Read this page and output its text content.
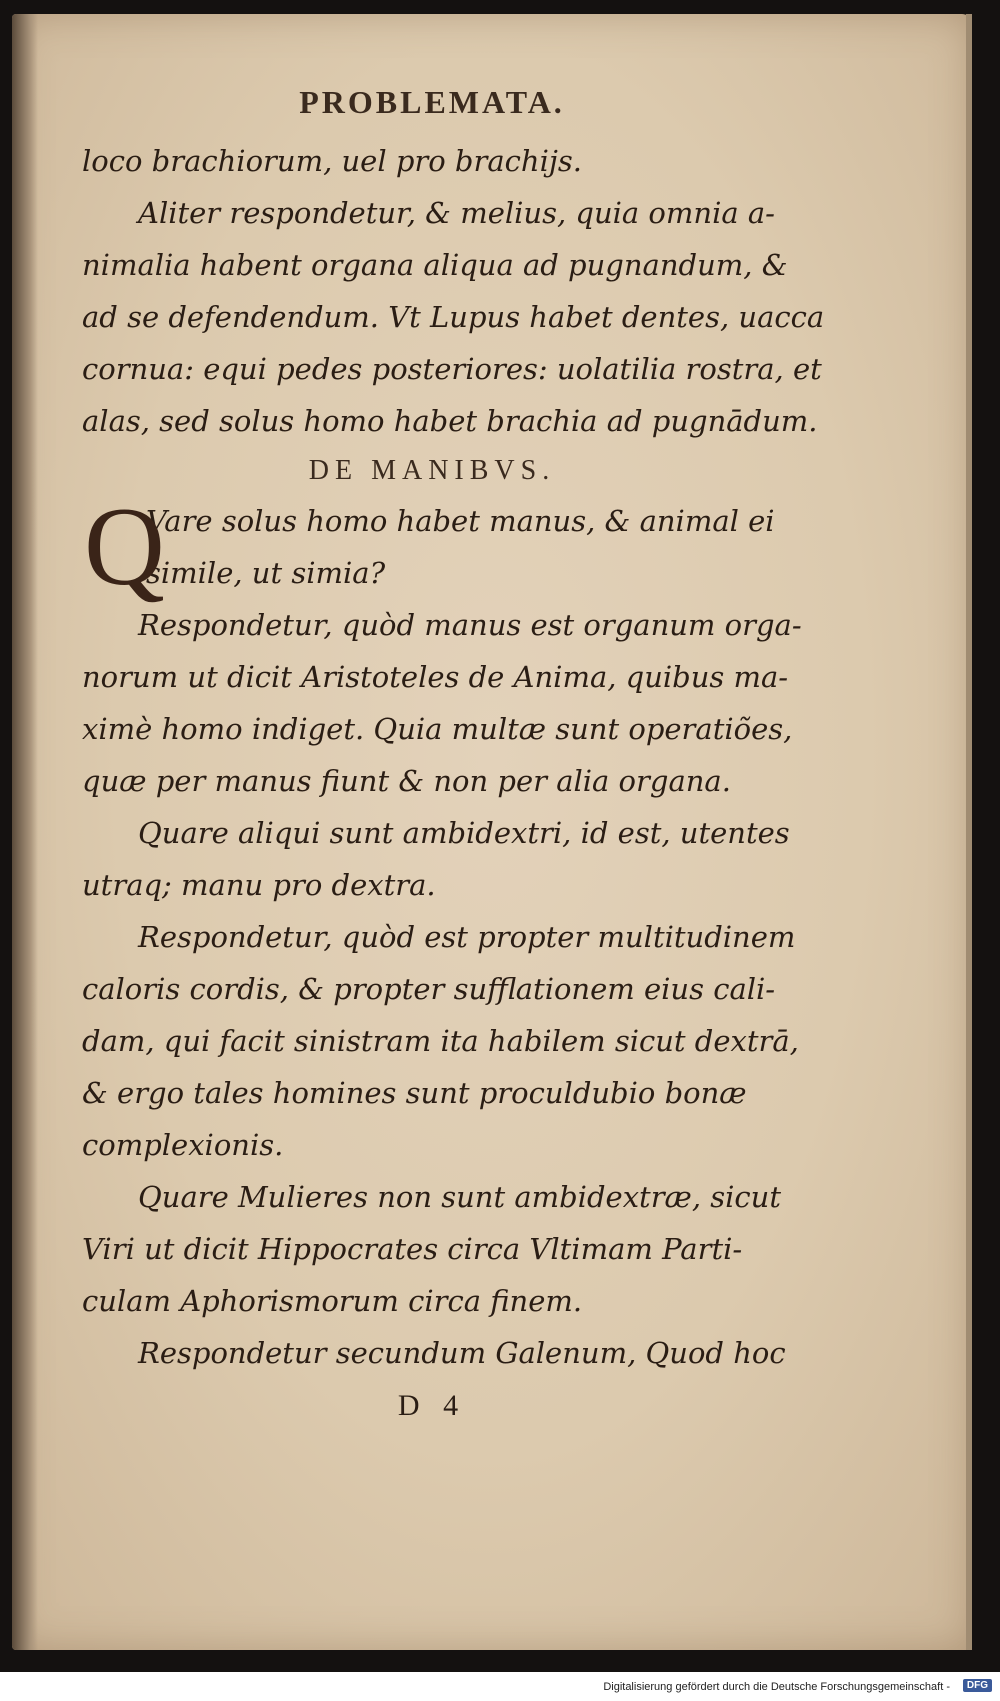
PROBLEMATA.
loco brachiorum, uel pro brachijs.
Aliter respondetur, & melius, quia omnia a-
nimalia habent organa aliqua ad pugnandum, &
ad se defendendum. Vt Lupus habet dentes, uacca
cornua: equi pedes posteriores: uolatilia rostra, et
alas, sed solus homo habet brachia ad pugnādum.
DE MANIBVS.
Q
Vare solus homo habet manus, & animal ei
simile, ut simia?
Respondetur, quòd manus est organum orga-
norum ut dicit Aristoteles de Anima, quibus ma-
ximè homo indiget. Quia multæ sunt operatiões,
quæ per manus fiunt & non per alia organa.
Quare aliqui sunt ambidextri, id est, utentes
utraq; manu pro dextra.
Respondetur, quòd est propter multitudinem
caloris cordis, & propter sufflationem eius cali-
dam, qui facit sinistram ita habilem sicut dextrā,
& ergo tales homines sunt proculdubio bonæ
complexionis.
Quare Mulieres non sunt ambidextræ, sicut
Viri ut dicit Hippocrates circa Vltimam Parti-
culam Aphorismorum circa finem.
Respondetur secundum Galenum, Quod hoc
D 4
Digitalisierung gefördert durch die Deutsche Forschungsgemeinschaft -	DFG
